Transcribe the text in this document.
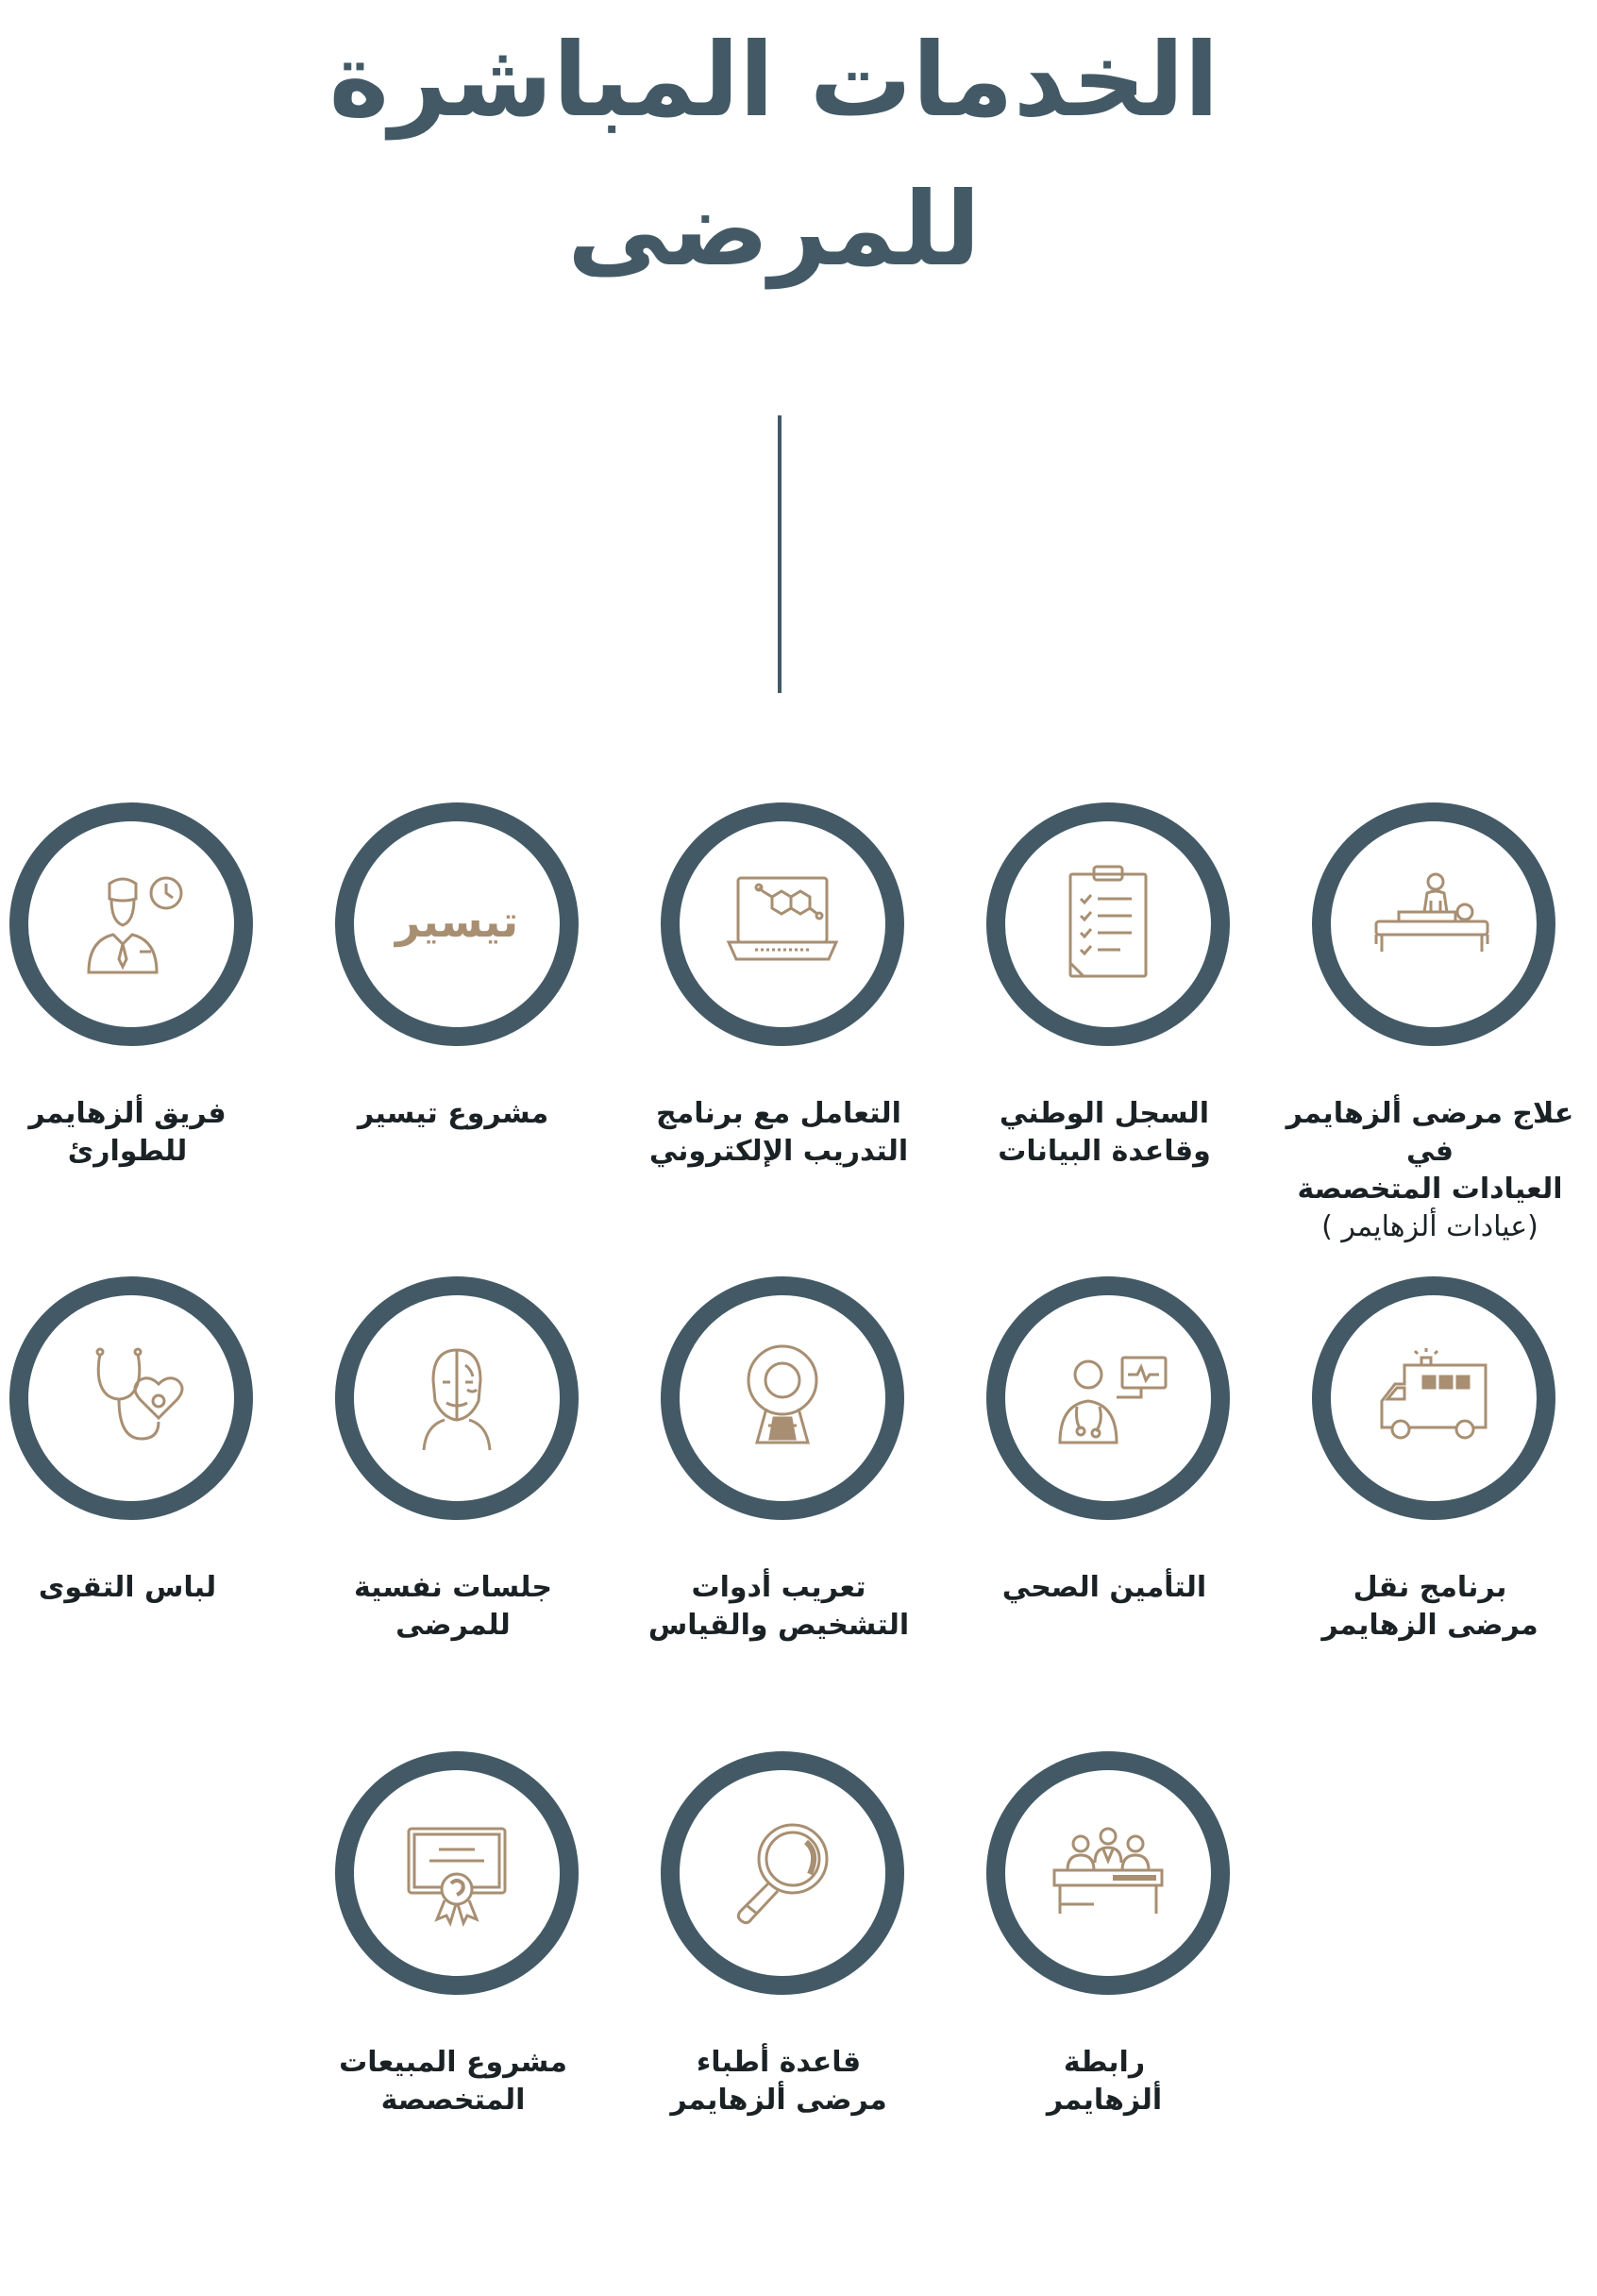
الخدمات المباشرة
للمرضى
علاج مرضى ألزهايمر في
العيادات المتخصصة
(عيادات ألزهايمر )
السجل الوطني
وقاعدة البيانات
التعامل مع برنامج
التدريب الإلكتروني
تيسير
مشروع تيسير
فريق ألزهايمر
للطوارئ
برنامج نقل
مرضى الزهايمر
التأمين الصحي
تعريب أدوات
التشخيص والقياس
جلسات نفسية
للمرضى
لباس التقوى
رابطة
ألزهايمر
قاعدة أطباء
مرضى ألزهايمر
مشروع المبيعات
المتخصصة
